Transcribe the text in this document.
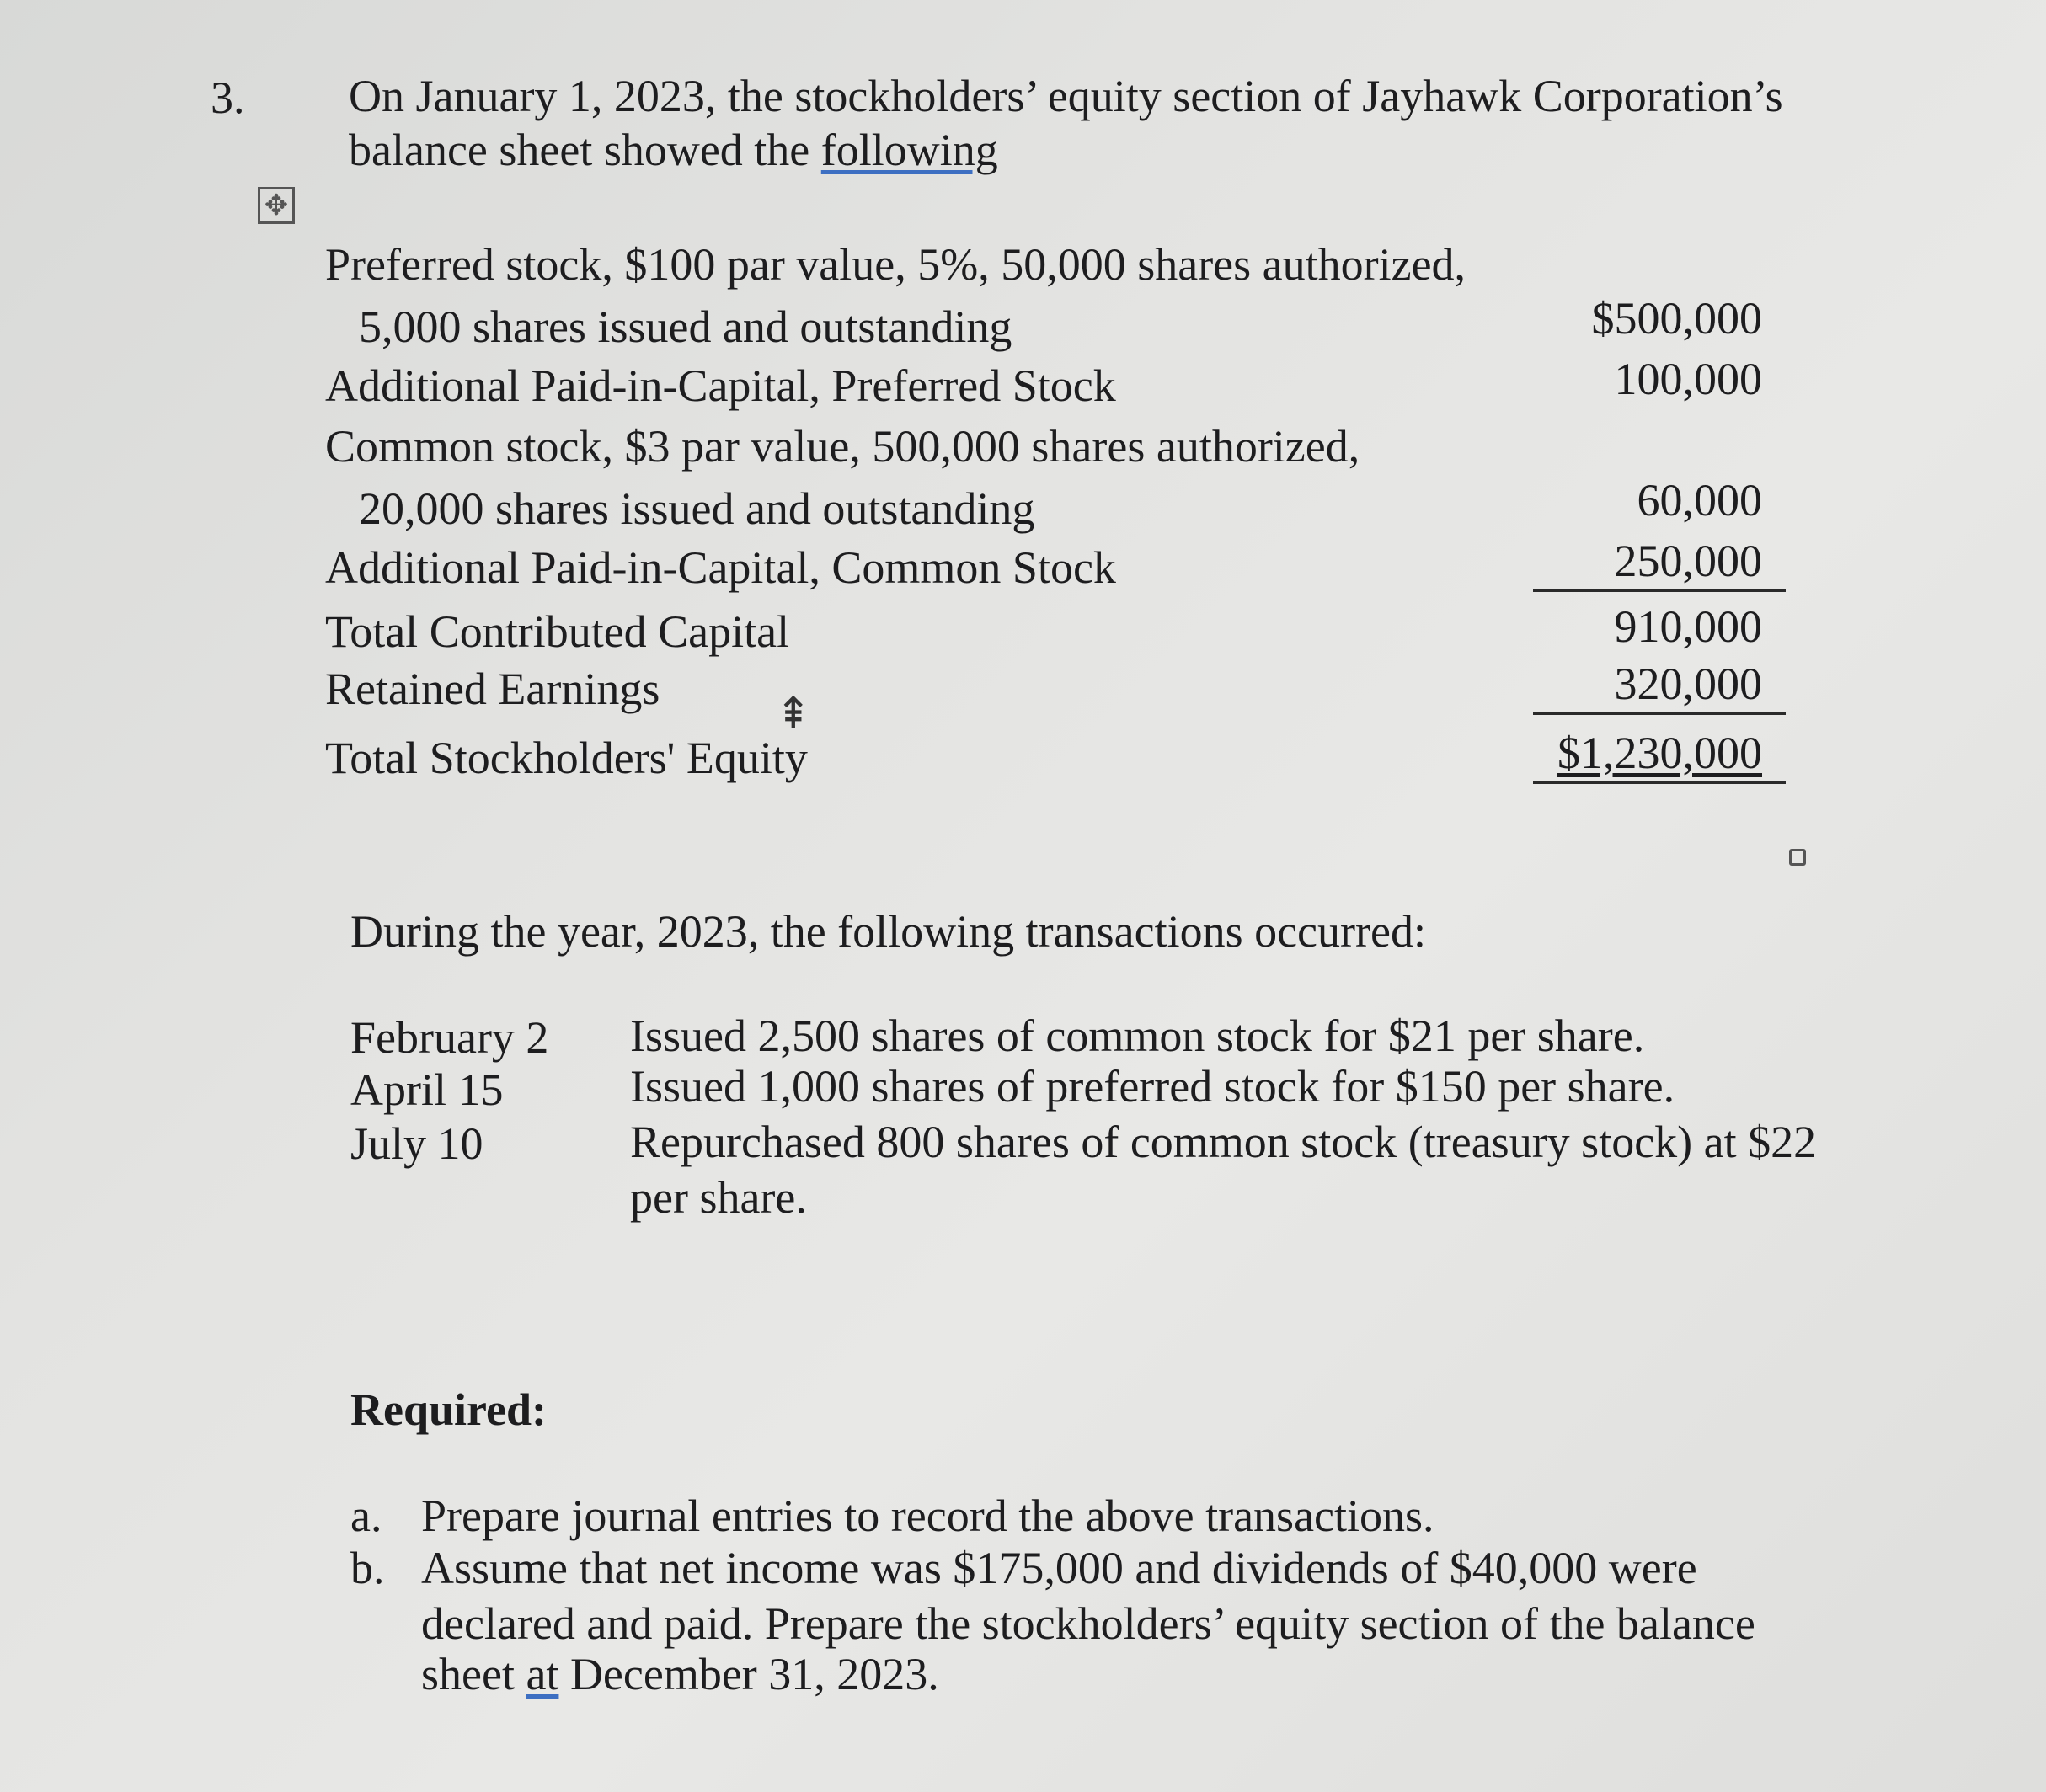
3. On January 1, 2023, the stockholders’ equity section of Jayhawk Corporation’s
balance sheet showed the following
✥
Preferred stock, $100 par value, 5%, 50,000 shares authorized,
5,000 shares issued and outstanding
Additional Paid-in-Capital, Preferred Stock
Common stock, $3 par value, 500,000 shares authorized,
20,000 shares issued and outstanding
Additional Paid-in-Capital, Common Stock
Total Contributed Capital
Retained Earnings
Total Stockholders' Equity
⇞
$500,000
100,000
60,000
250,000
910,000
320,000
$1,230,000
During the year, 2023, the following transactions occurred:
February 2 Issued 2,500 shares of common stock for $21 per share.
April 15	Issued 1,000 shares of preferred stock for $150 per share.
July 10	Repurchased 800 shares of common stock (treasury stock) at $22
per share.
Required:
a. Prepare journal entries to record the above transactions.
b. Assume that net income was $175,000 and dividends of $40,000 were
declared and paid. Prepare the stockholders’ equity section of the balance
sheet at December 31, 2023.
